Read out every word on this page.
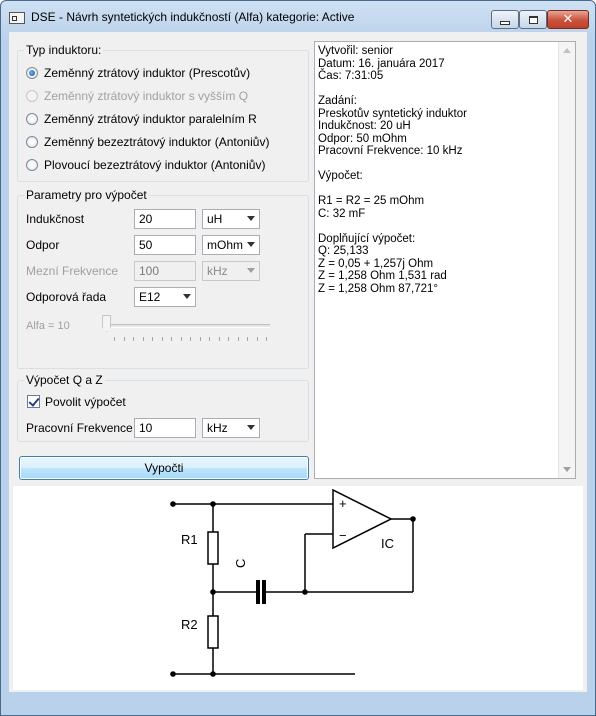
DSE - Návrh syntetických indukčností (Alfa) kategorie: Active	✕
Typ induktoru:
Zeměnný ztrátový induktor (Prescotův)
Zeměnný ztrátový induktor s vyšším Q
Zeměnný ztrátový induktor paralelním R
Zeměnný bezeztrátový induktor (Antoniův)
Plovoucí bezeztrátový induktor (Antoniův)
Parametry pro výpočet
Indukčnost	20	uH
Odpor	50	mOhm
Mezní Frekvence	100	kHz
Odporová řada	E12
Alfa = 10
Výpočet Q a Z
Povolit výpočet
Pracovní Frekvence 10	kHz
Vypočti
Vytvořil: senior
Datum: 16. januára 2017
Čas: 7:31:05

Zadání:
Preskotův syntetický induktor
Indukčnost: 20 uH
Odpor: 50 mOhm
Pracovní Frekvence: 10 kHz

Výpočet:

R1 = R2 = 25 mOhm
C: 32 mF

Doplňující výpočet:
Q: 25,133
Z = 0,05 + 1,257j Ohm
Z = 1,258 Ohm 1,531 rad
Z = 1,258 Ohm 87,721°
R1
R2
C
IC
+
−
